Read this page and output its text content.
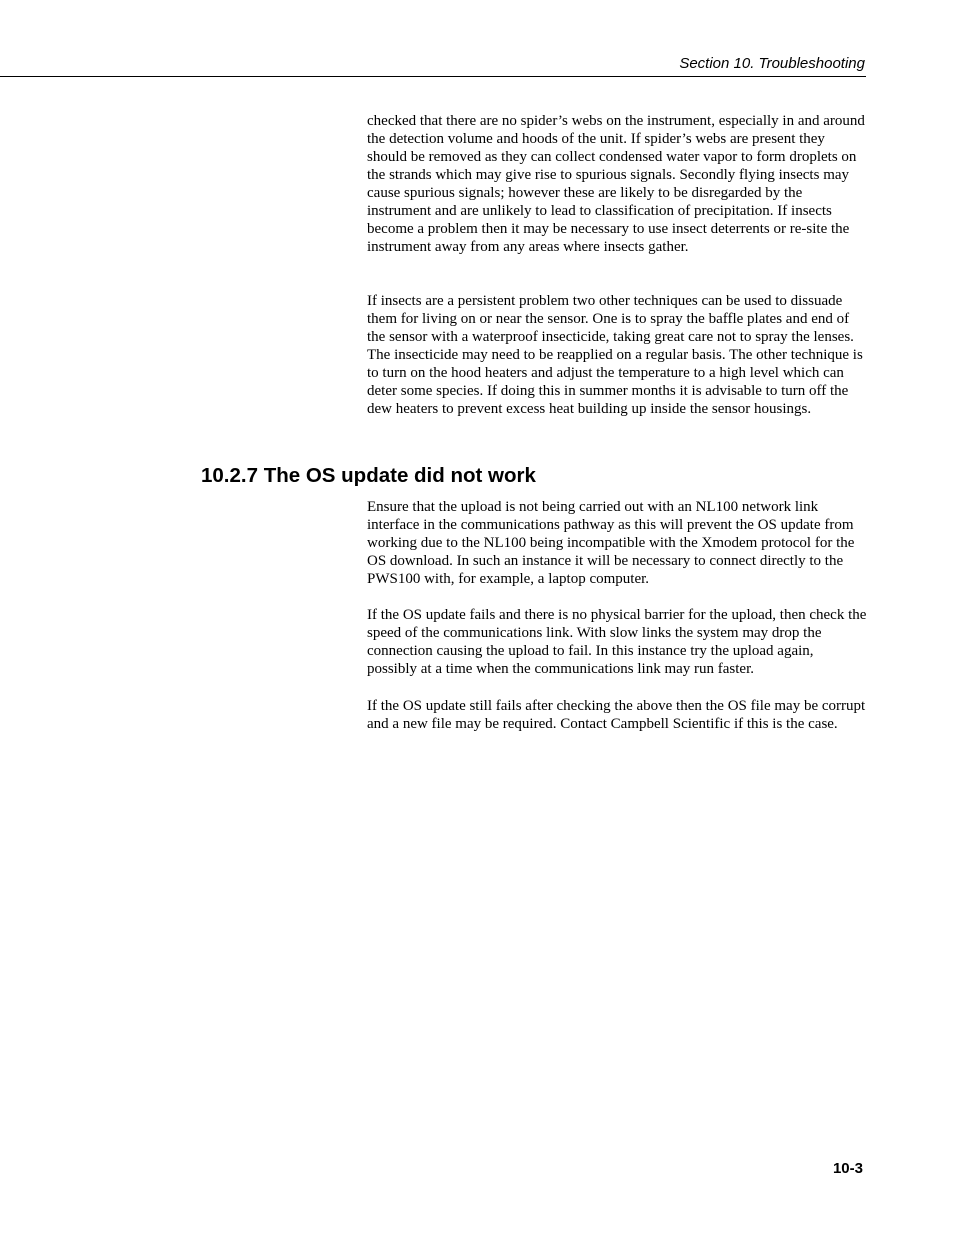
Section 10. Troubleshooting

checked that there are no spider’s webs on the instrument, especially in and around the detection volume and hoods of the unit. If spider’s webs are present they should be removed as they can collect condensed water vapor to form droplets on the strands which may give rise to spurious signals. Secondly flying insects may cause spurious signals; however these are likely to be disregarded by the instrument and are unlikely to lead to classification of precipitation. If insects become a problem then it may be necessary to use insect deterrents or re-site the instrument away from any areas where insects gather.

If insects are a persistent problem two other techniques can be used to dissuade them for living on or near the sensor. One is to spray the baffle plates and end of the sensor with a waterproof insecticide, taking great care not to spray the lenses. The insecticide may need to be reapplied on a regular basis. The other technique is to turn on the hood heaters and adjust the temperature to a high level which can deter some species. If doing this in summer months it is advisable to turn off the dew heaters to prevent excess heat building up inside the sensor housings.

10.2.7 The OS update did not work

Ensure that the upload is not being carried out with an NL100 network link interface in the communications pathway as this will prevent the OS update from working due to the NL100 being incompatible with the Xmodem protocol for the OS download. In such an instance it will be necessary to connect directly to the PWS100 with, for example, a laptop computer.

If the OS update fails and there is no physical barrier for the upload, then check the speed of the communications link. With slow links the system may drop the connection causing the upload to fail. In this instance try the upload again, possibly at a time when the communications link may run faster.

If the OS update still fails after checking the above then the OS file may be corrupt and a new file may be required. Contact Campbell Scientific if this is the case.

10-3
